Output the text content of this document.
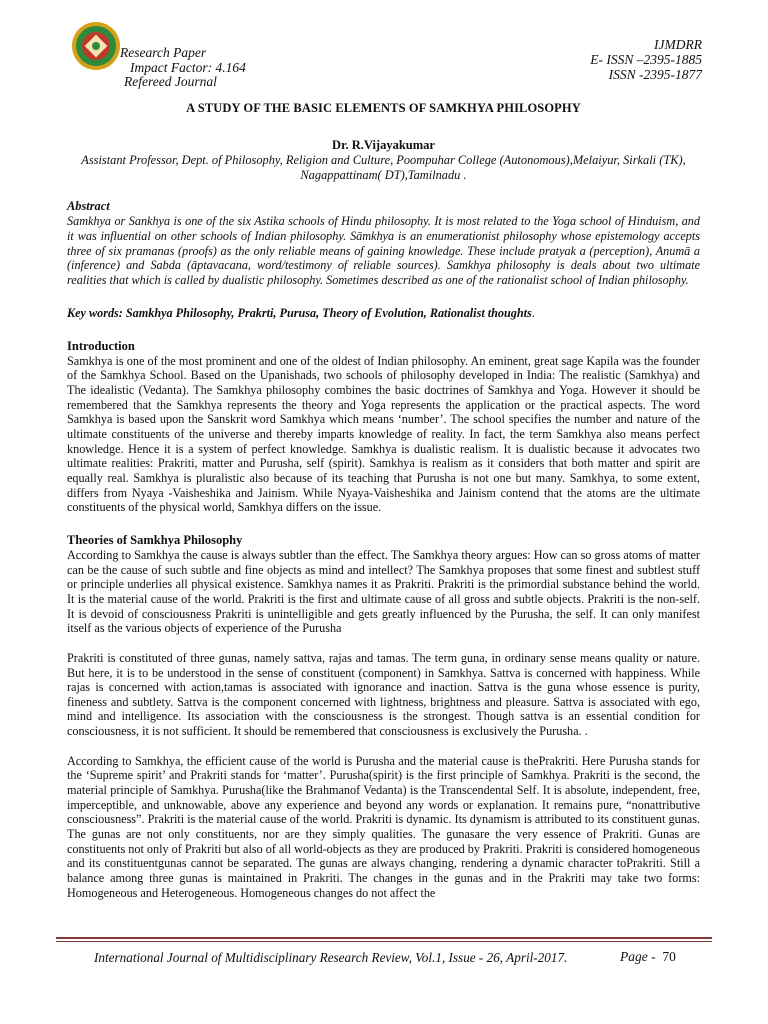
Research Paper
Impact Factor: 4.164
Refereed Journal
IJMDRR
E- ISSN –2395-1885
ISSN -2395-1877
A STUDY OF THE BASIC ELEMENTS OF SAMKHYA PHILOSOPHY
Dr. R.Vijayakumar
Assistant Professor, Dept. of Philosophy, Religion and Culture, Poompuhar College (Autonomous),Melaiyur, Sirkali (TK), Nagappattinam( DT),Tamilnadu .
Abstract
Samkhya or Sankhya is one of the six Astika schools of Hindu philosophy. It is most related to the Yoga school of Hinduism, and it was influential on other schools of Indian philosophy. Sāmkhya is an enumerationist philosophy whose epistemology accepts three of six pramanas (proofs) as the only reliable means of gaining knowledge. These include pratyak a (perception), Anumā a (inference) and Sabda (āptavacana, word/testimony of reliable sources). Samkhya philosophy is deals about two ultimate realities that which is called by dualistic philosophy. Sometimes described as one of the rationalist school of Indian philosophy.
Key words: Samkhya Philosophy, Prakrti, Purusa, Theory of Evolution, Rationalist thoughts.
Introduction
Samkhya is one of the most prominent and one of the oldest of Indian philosophy. An eminent, great sage Kapila was the founder of the Samkhya School. Based on the Upanishads, two schools of philosophy developed in India: The realistic (Samkhya) and The idealistic (Vedanta). The Samkhya philosophy combines the basic doctrines of Samkhya and Yoga. However it should be remembered that the Samkhya represents the theory and Yoga represents the application or the practical aspects. The word Samkhya is based upon the Sanskrit word Samkhya which means ‘number’. The school specifies the number and nature of the ultimate constituents of the universe and thereby imparts knowledge of reality. In fact, the term Samkhya also means perfect knowledge. Hence it is a system of perfect knowledge. Samkhya is dualistic realism. It is dualistic because it advocates two ultimate realities: Prakriti, matter and Purusha, self (spirit). Samkhya is realism as it considers that both matter and spirit are equally real. Samkhya is pluralistic also because of its teaching that Purusha is not one but many. Samkhya, to some extent, differs from Nyaya -Vaisheshika and Jainism. While Nyaya-Vaisheshika and Jainism contend that the atoms are the ultimate constituents of the physical world, Samkhya differs on the issue.
Theories of Samkhya Philosophy
According to Samkhya the cause is always subtler than the effect. The Samkhya theory argues: How can so gross atoms of matter can be the cause of such subtle and fine objects as mind and intellect? The Samkhya proposes that some finest and subtlest stuff or principle underlies all physical existence. Samkhya names it as Prakriti. Prakriti is the primordial substance behind the world. It is the material cause of the world. Prakriti is the first and ultimate cause of all gross and subtle objects. Prakriti is the non-self. It is devoid of consciousness Prakriti is unintelligible and gets greatly influenced by the Purusha, the self. It can only manifest itself as the various objects of experience of the Purusha
Prakriti is constituted of three gunas, namely sattva, rajas and tamas. The term guna, in ordinary sense means quality or nature. But here, it is to be understood in the sense of constituent (component) in Samkhya. Sattva is concerned with happiness. While rajas is concerned with action,tamas is associated with ignorance and inaction. Sattva is the guna whose essence is purity, fineness and subtlety. Sattva is the component concerned with lightness, brightness and pleasure. Sattva is associated with ego, mind and intelligence. Its association with the consciousness is the strongest. Though sattva is an essential condition for consciousness, it is not sufficient. It should be remembered that consciousness is exclusively the Purusha. .
According to Samkhya, the efficient cause of the world is Purusha and the material cause is thePrakriti. Here Purusha stands for the ‘Supreme spirit’ and Prakriti stands for ‘matter’. Purusha(spirit) is the first principle of Samkhya. Prakriti is the second, the material principle of Samkhya. Purusha(like the Brahmanof Vedanta) is the Transcendental Self. It is absolute, independent, free, imperceptible, and unknowable, above any experience and beyond any words or explanation. It remains pure, “nonattributive consciousness”. Prakriti is the material cause of the world. Prakriti is dynamic. Its dynamism is attributed to its constituent gunas. The gunas are not only constituents, nor are they simply qualities. The gunasare the very essence of Prakriti. Gunas are constituents not only of Prakriti but also of all world-objects as they are produced by Prakriti. Prakriti is considered homogeneous and its constituentgunas cannot be separated. The gunas are always changing, rendering a dynamic character toPrakriti. Still a balance among three gunas is maintained in Prakriti. The changes in the gunas and in the Prakriti may take two forms: Homogeneous and Heterogeneous. Homogeneous changes do not affect the
International Journal of Multidisciplinary Research Review, Vol.1, Issue - 26, April-2017.	Page - 70
